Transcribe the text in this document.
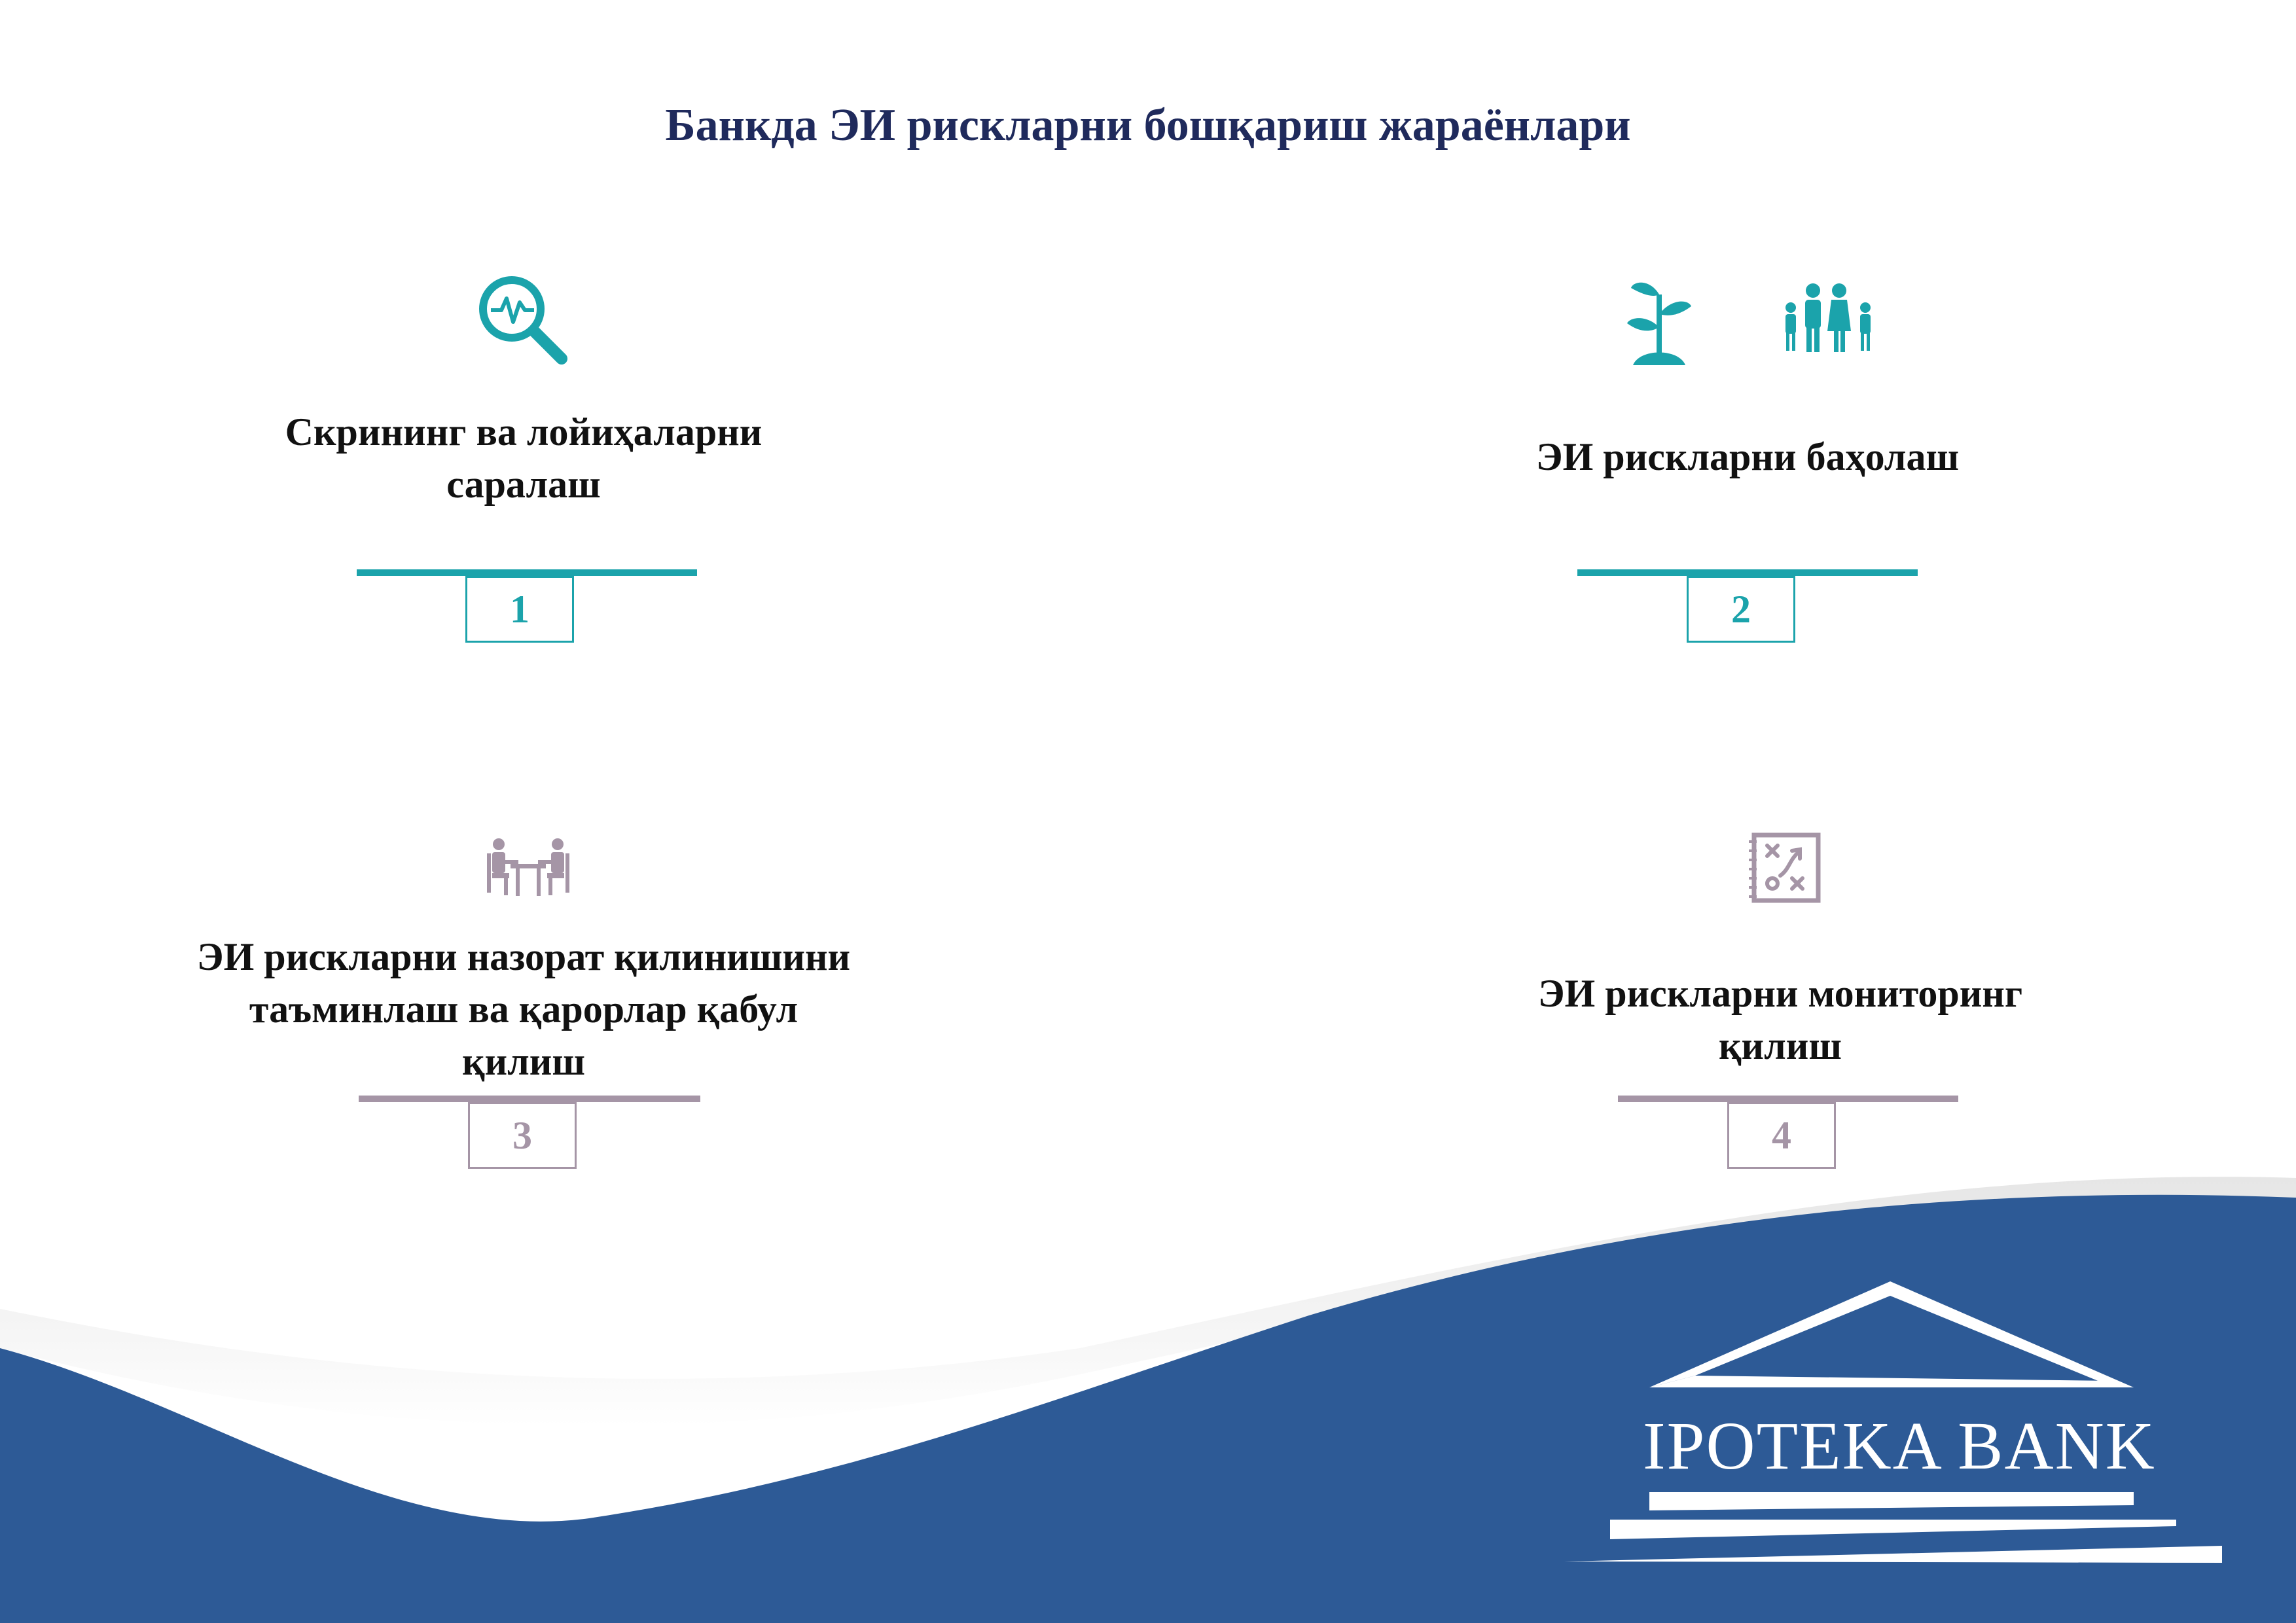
Банкда ЭИ рискларни бошқариш жараёнлари
Скрининг ва лойиҳаларни
саралаш
1
ЭИ рискларни баҳолаш
2
ЭИ рискларни назорат қилинишини
таъминлаш ва қарорлар қабул
қилиш
3
ЭИ рискларни мониторинг
қилиш
4
IPOTEKA BANK
